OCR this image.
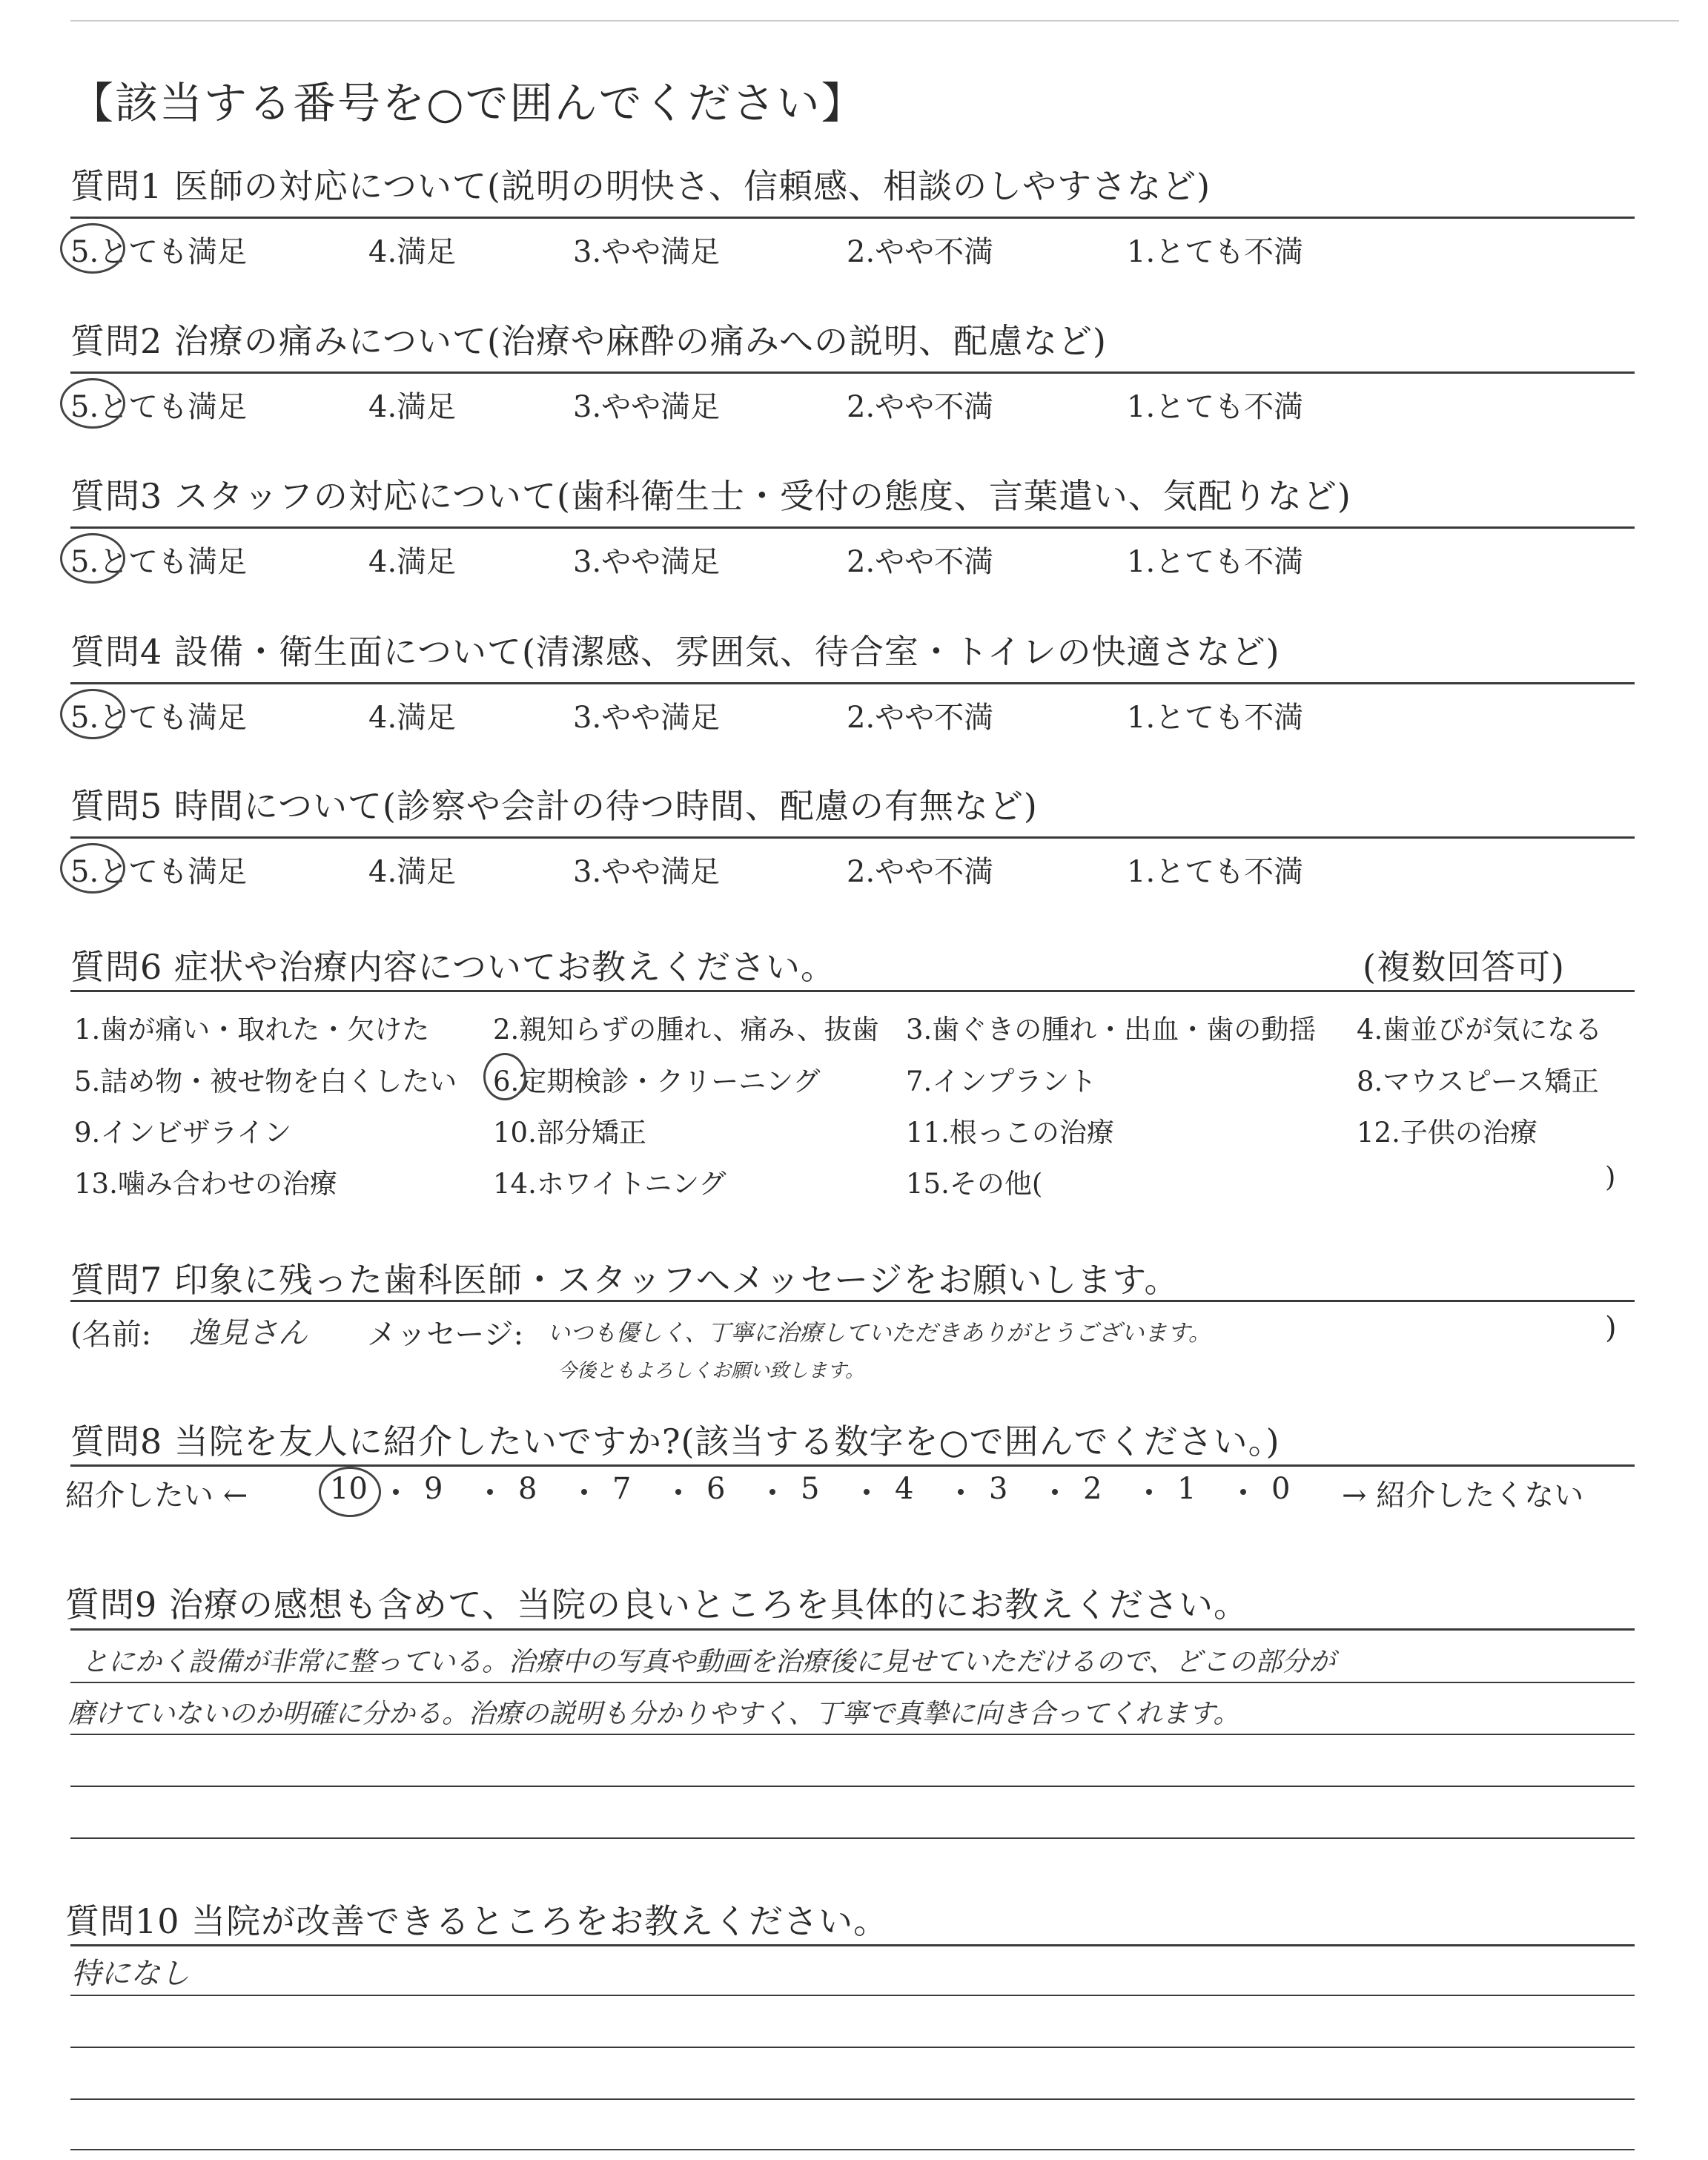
【該当する番号を○で囲んでください】
質問1 医師の対応について(説明の明快さ、信頼感、相談のしやすさなど)
5.とても満足	4.満足	3.やや満足	2.やや不満	1.とても不満
質問2 治療の痛みについて(治療や麻酔の痛みへの説明、配慮など)
5.とても満足	4.満足	3.やや満足	2.やや不満	1.とても不満
質問3 スタッフの対応について(歯科衛生士・受付の態度、言葉遣い、気配りなど)
5.とても満足	4.満足	3.やや満足	2.やや不満	1.とても不満
質問4 設備・衛生面について(清潔感、雰囲気、待合室・トイレの快適さなど)
5.とても満足	4.満足	3.やや満足	2.やや不満	1.とても不満
質問5 時間について(診察や会計の待つ時間、配慮の有無など)
5.とても満足	4.満足	3.やや満足	2.やや不満	1.とても不満
質問6 症状や治療内容についてお教えください。	(複数回答可)
1.歯が痛い・取れた・欠けた 2.親知らずの腫れ、痛み、抜歯 3.歯ぐきの腫れ・出血・歯の動揺 4.歯並びが気になる
5.詰め物・被せ物を白くしたい 6.定期検診・クリーニング	7.インプラント	8.マウスピース矯正
9.インビザライン	10.部分矯正	11.根っこの治療	12.子供の治療
13.噛み合わせの治療	14.ホワイトニング	15.その他(	)
質問7 印象に残った歯科医師・スタッフへメッセージをお願いします。
(名前: 逸見さん メッセージ: いつも優しく、丁寧に治療していただきありがとうございます。
今後ともよろしくお願い致します。
)
質問8 当院を友人に紹介したいですか?(該当する数字を○で囲んでください。)
紹介したい ←	10 9	8	7	6	5	4	3	2	1	0 → 紹介したくない
質問9 治療の感想も含めて、当院の良いところを具体的にお教えください。
とにかく設備が非常に整っている。治療中の写真や動画を治療後に見せていただけるので、どこの部分が
磨けていないのか明確に分かる。治療の説明も分かりやすく、丁寧で真摯に向き合ってくれます。
質問10 当院が改善できるところをお教えください。
特になし
